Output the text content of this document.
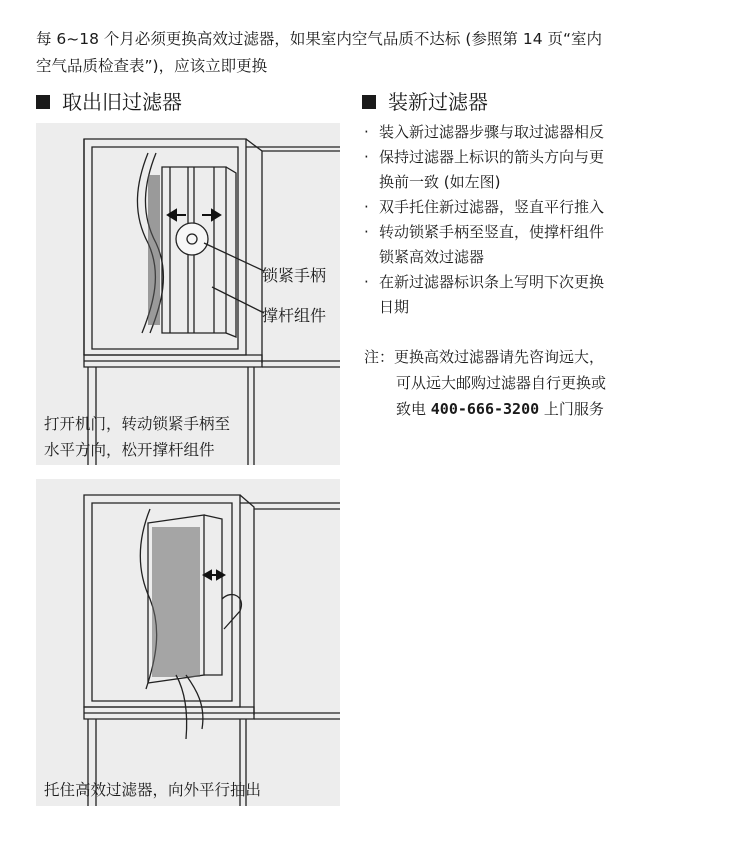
每 6~18 个月必须更换高效过滤器，如果室内空气品质不达标 (参照第 14 页“室内

空气品质检查表”)，应该立即更换

取出旧过滤器	装新过滤器
锁紧手柄
撑杆组件
打开机门，转动锁紧手柄至
水平方向，松开撑杆组件
托住高效过滤器，向外平行抽出
· 装入新过滤器步骤与取过滤器相反
· 保持过滤器上标识的箭头方向与更
换前一致 (如左图)
· 双手托住新过滤器，竖直平行推入
· 转动锁紧手柄至竖直，使撑杆组件
锁紧高效过滤器
· 在新过滤器标识条上写明下次更换
日期
注： 更换高效过滤器请先咨询远大，
可从远大邮购过滤器自行更换或
致电 400-666-3200 上门服务
